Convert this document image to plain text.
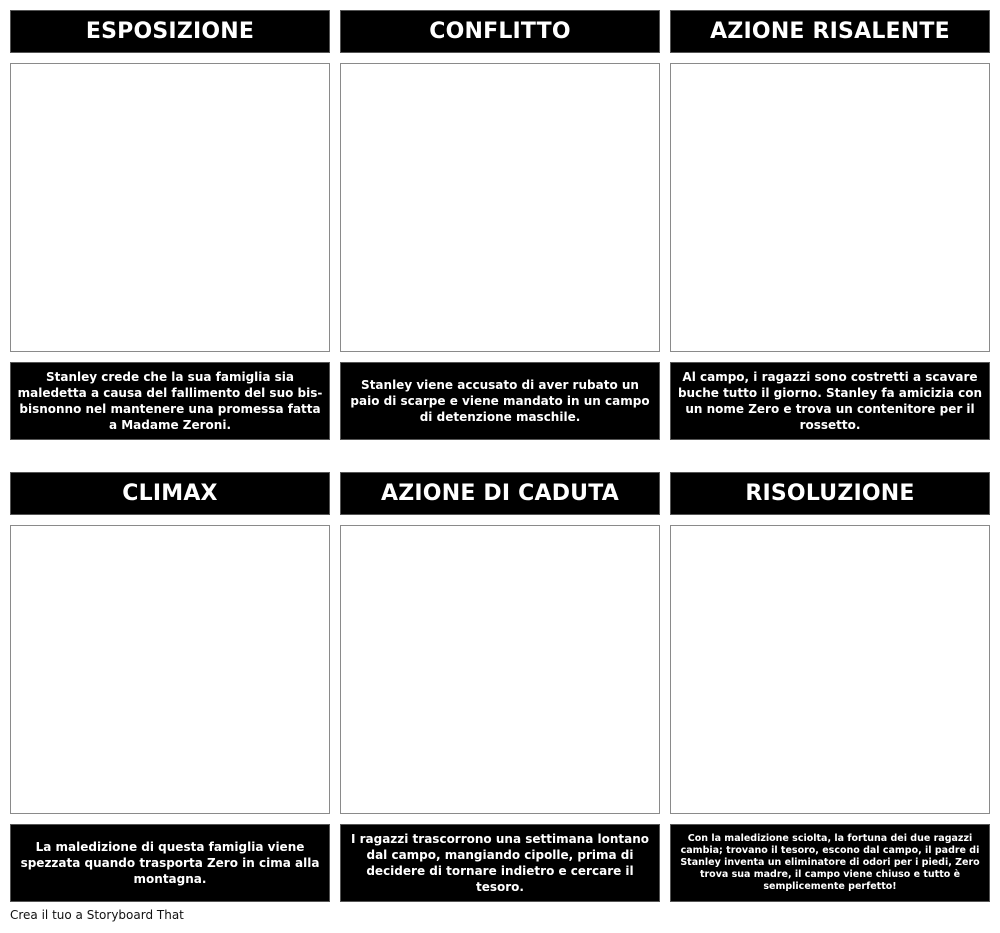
ESPOSIZIONE
Stanley crede che la sua famiglia sia maledetta a causa del fallimento del suo bis-bisnonno nel mantenere una promessa fatta a Madame Zeroni.
CONFLITTO
Stanley viene accusato di aver rubato un paio di scarpe e viene mandato in un campo di detenzione maschile.
AZIONE RISALENTE
Al campo, i ragazzi sono costretti a scavare buche tutto il giorno. Stanley fa amicizia con un nome Zero e trova un contenitore per il rossetto.
CLIMAX
La maledizione di questa famiglia viene spezzata quando trasporta Zero in cima alla montagna.
AZIONE DI CADUTA
I ragazzi trascorrono una settimana lontano dal campo, mangiando cipolle, prima di decidere di tornare indietro e cercare il tesoro.
RISOLUZIONE
Con la maledizione sciolta, la fortuna dei due ragazzi cambia; trovano il tesoro, escono dal campo, il padre di Stanley inventa un eliminatore di odori per i piedi, Zero trova sua madre, il campo viene chiuso e tutto è semplicemente perfetto!
Crea il tuo a Storyboard That
